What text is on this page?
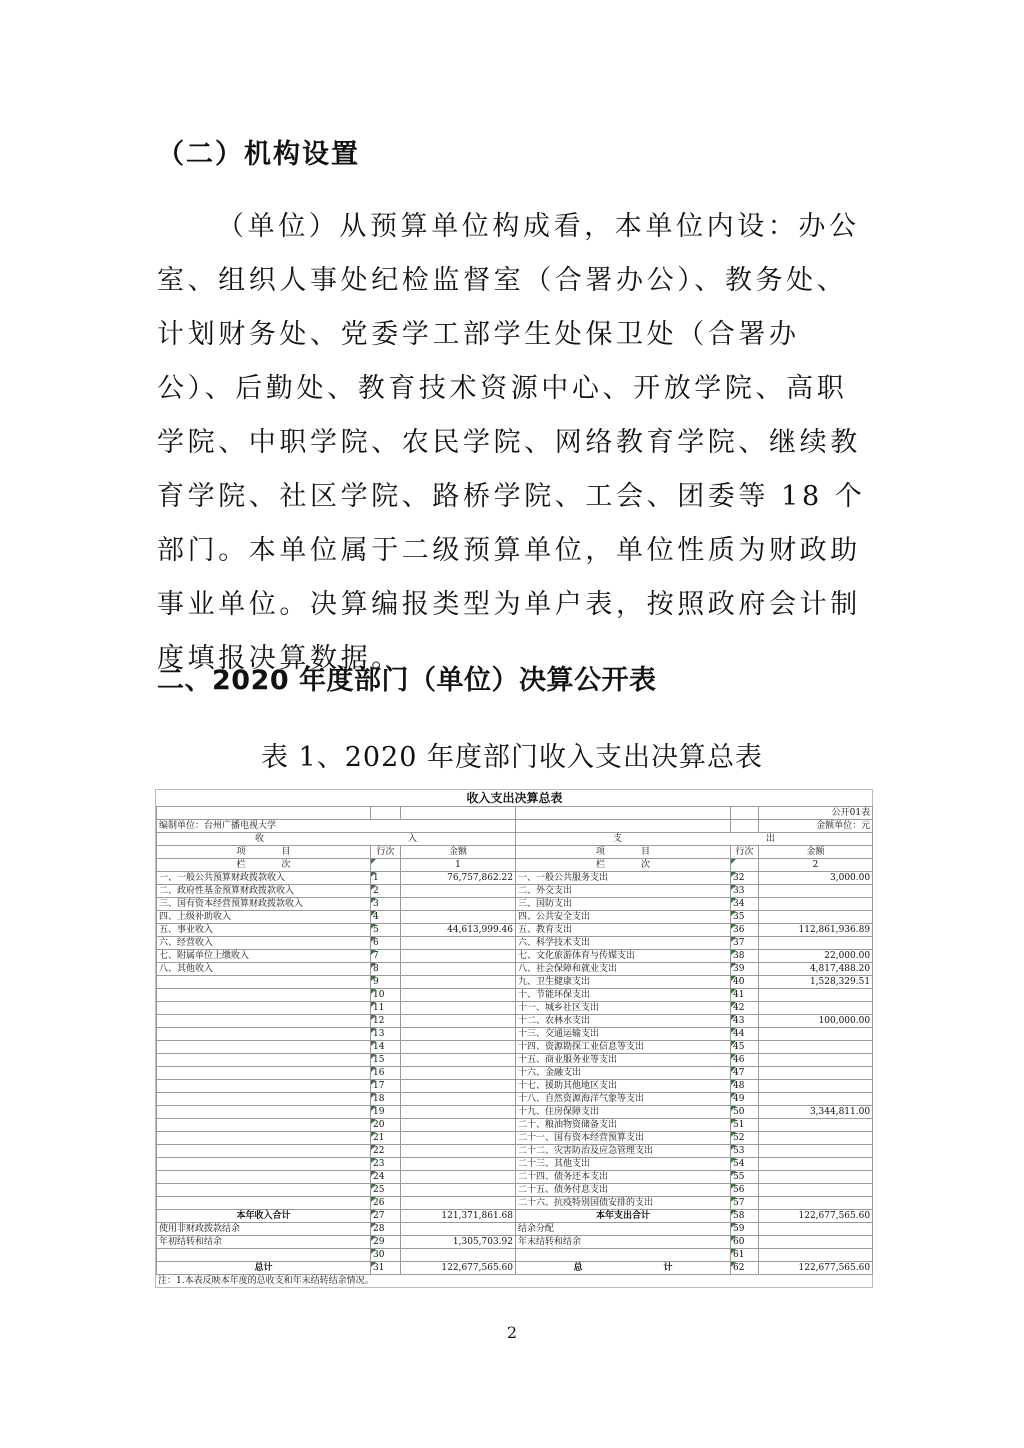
（二）机构设置

（单位）从预算单位构成看，本单位内设：办公室、组织人事处纪检监督室（合署办公）、教务处、计划财务处、党委学工部学生处保卫处（合署办公）、后勤处、教育技术资源中心、开放学院、高职学院、中职学院、农民学院、网络教育学院、继续教育学院、社区学院、路桥学院、工会、团委等 18 个部门。本单位属于二级预算单位，单位性质为财政助事业单位。决算编报类型为单户表，按照政府会计制度填报决算数据。

二、2020 年度部门（单位）决算公开表
表 1、2020 年度部门收入支出决算总表
收入支出决算总表					
					公开01表
编制单位：台州广播电视大学					金额单位：元
收                 入			支                 出		
项     目	行次	金额	项     目	行次	金额
栏     次		1	栏     次		2
一、一般公共预算财政拨款收入	1	76,757,862.22	一、一般公共服务支出	32	3,000.00
二、政府性基金预算财政拨款收入	2		二、外交支出	33	
三、国有资本经营预算财政拨款收入	3		三、国防支出	34	
四、上级补助收入	4		四、公共安全支出	35	
五、事业收入	5	44,613,999.46	五、教育支出	36	112,861,936.89
六、经营收入	6		六、科学技术支出	37	
七、附属单位上缴收入	7		七、文化旅游体育与传媒支出	38	22,000.00
八、其他收入	8		八、社会保障和就业支出	39	4,817,488.20
	9		九、卫生健康支出	40	1,528,329.51
	10		十、节能环保支出	41	
	11		十一、城乡社区支出	42	
	12		十二、农林水支出	43	100,000.00
	13		十三、交通运输支出	44	
	14		十四、资源勘探工业信息等支出	45	
	15		十五、商业服务业等支出	46	
	16		十六、金融支出	47	
	17		十七、援助其他地区支出	48	
	18		十八、自然资源海洋气象等支出	49	
	19		十九、住房保障支出	50	3,344,811.00
	20		二十、粮油物资储备支出	51	
	21		二十一、国有资本经营预算支出	52	
	22		二十二、灾害防治及应急管理支出	53	
	23		二十三、其他支出	54	
	24		二十四、债务还本支出	55	
	25		二十五、债务付息支出	56	
	26		二十六、抗疫特别国债安排的支出	57	
本年收入合计	27	121,371,861.68	本年支出合计	58	122,677,565.60
使用非财政拨款结余	28		结余分配	59	
年初结转和结余	29	1,305,703.92	年末结转和结余	60	
	30			61	
总计	31	122,677,565.60	总          计	62	122,677,565.60
注：1.本表反映本年度的总收支和年末结转结余情况。
2
